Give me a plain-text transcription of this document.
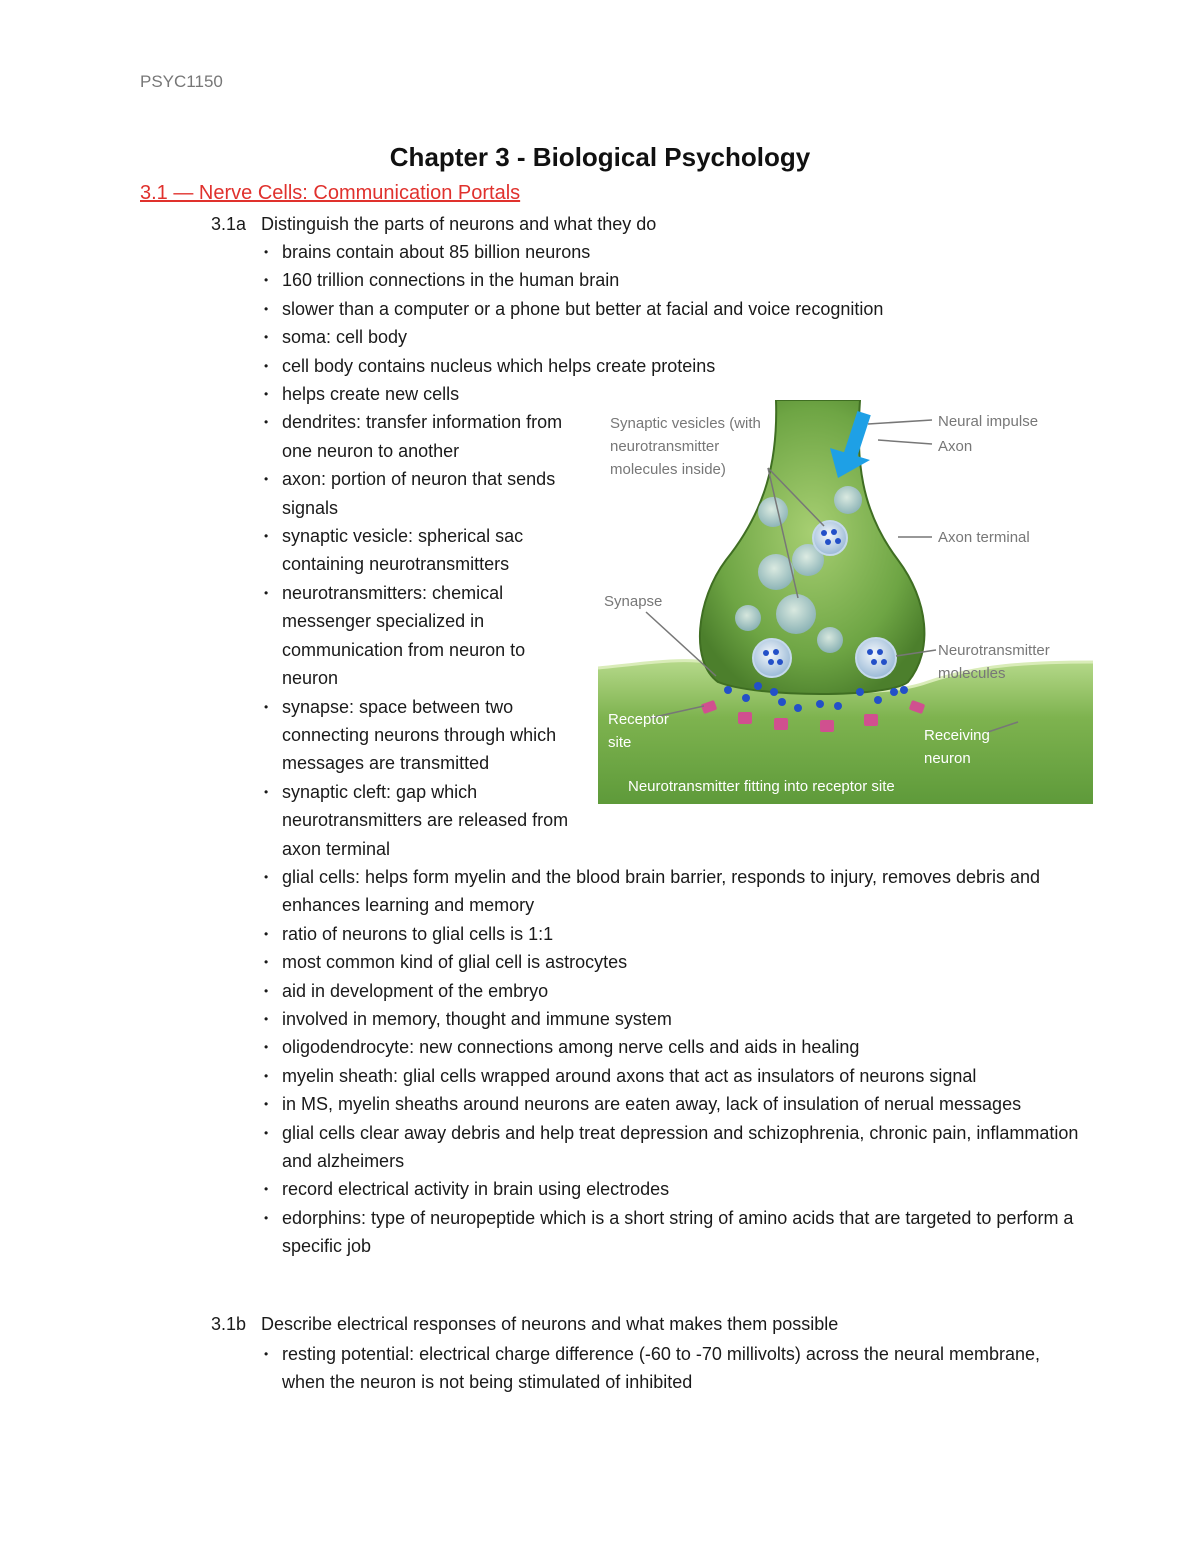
PSYC1150
Chapter 3 - Biological Psychology
3.1 — Nerve Cells: Communication Portals
3.1a Distinguish the parts of neurons and what they do
• brains contain about 85 billion neurons
• 160 trillion connections in the human brain
• slower than a computer or a phone but better at facial and voice recognition
• soma: cell body
• cell body contains nucleus which helps create proteins
• helps create new cells
• dendrites: transfer information from one neuron to another
• axon: portion of neuron that sends signals
• synaptic vesicle: spherical sac containing neurotransmitters
• neurotransmitters: chemical messenger specialized in communication from neuron to neuron
• synapse: space between two connecting neurons through which messages are transmitted
• synaptic cleft: gap which neurotransmitters are released from axon terminal
• glial cells: helps form myelin and the blood brain barrier, responds to injury, removes debris and enhances learning and memory
• ratio of neurons to glial cells is 1:1
• most common kind of glial cell is astrocytes
• aid in development of the embryo
• involved in memory, thought and immune system
• oligodendrocyte: new connections among nerve cells and aids in healing
• myelin sheath: glial cells wrapped around axons that act as insulators of neurons signal
• in MS, myelin sheaths around neurons are eaten away, lack of insulation of nerual messages
• glial cells clear away debris and help treat depression and schizophrenia, chronic pain, inflammation and alzheimers
• record electrical activity in brain using electrodes
• edorphins: type of neuropeptide which is a short string of amino acids that are targeted to perform a specific job
3.1b Describe electrical responses of neurons and what makes them possible
• resting potential: electrical charge difference (-60 to -70 millivolts) across the neural membrane, when the neuron is not being stimulated of inhibited
Synaptic vesicles (with
neurotransmitter
molecules inside)
Neural impulse
Axon
Axon terminal
Synapse
Neurotransmitter
molecules
Receptor
site	Receiving
neuron
Neurotransmitter fitting into receptor site
